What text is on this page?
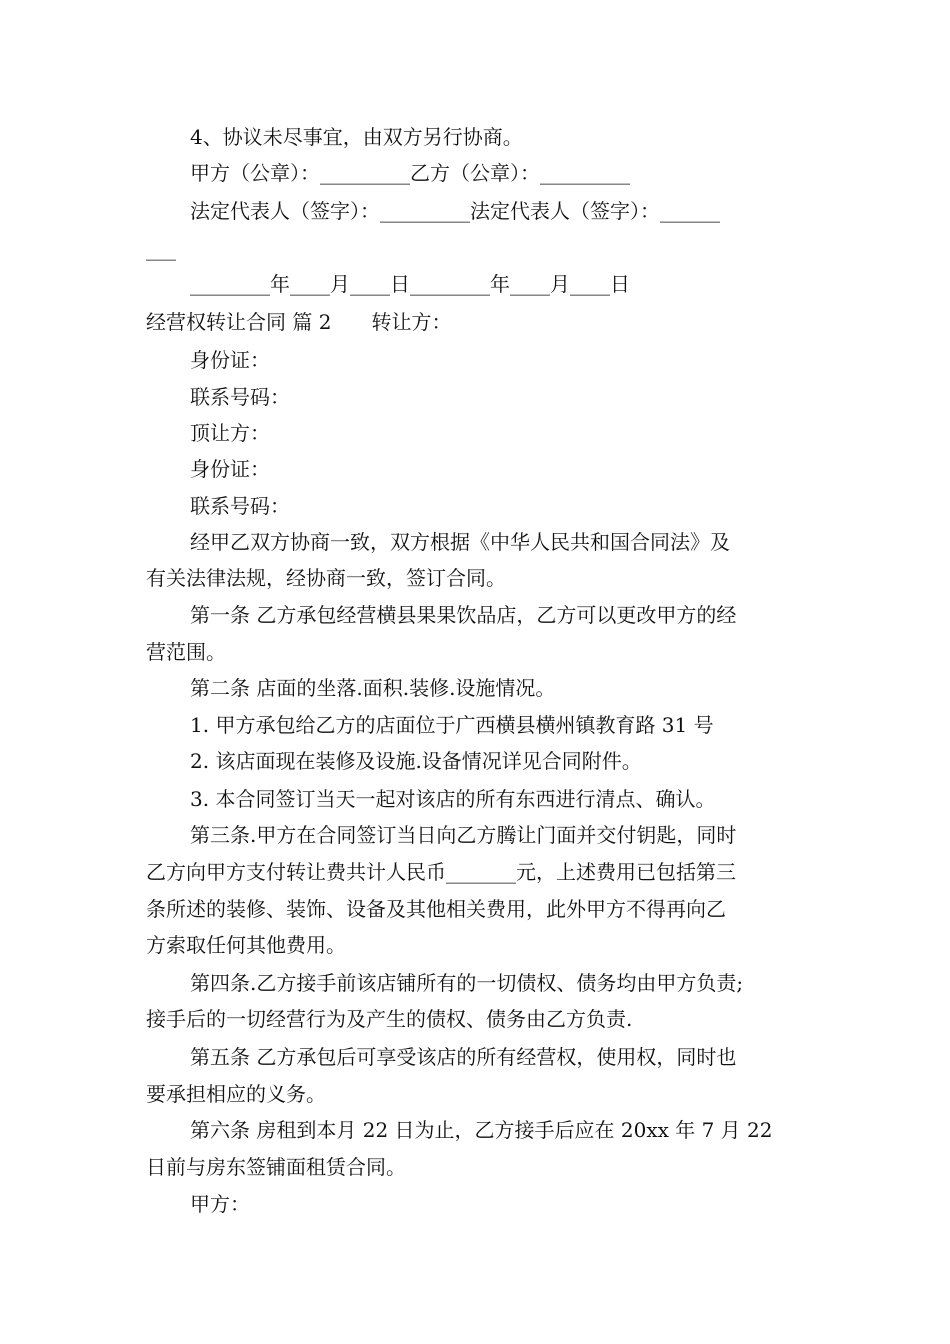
4、协议未尽事宜，由双方另行协商。
甲方（公章）：_________乙方（公章）：_________
法定代表人（签字）：_________法定代表人（签字）：______
___
________年____月____日________年____月____日
经营权转让合同 篇 2 转让方：
身份证：
联系号码：
顶让方：
身份证：
联系号码：
经甲乙双方协商一致，双方根据《中华人民共和国合同法》及
有关法律法规，经协商一致，签订合同。
第一条 乙方承包经营横县果果饮品店，乙方可以更改甲方的经
营范围。
第二条 店面的坐落.面积.装修.设施情况。
1. 甲方承包给乙方的店面位于广西横县横州镇教育路 31 号
2. 该店面现在装修及设施.设备情况详见合同附件。
3. 本合同签订当天一起对该店的所有东西进行清点、确认。
第三条.甲方在合同签订当日向乙方腾让门面并交付钥匙，同时
乙方向甲方支付转让费共计人民币_______元，上述费用已包括第三
条所述的装修、装饰、设备及其他相关费用，此外甲方不得再向乙
方索取任何其他费用。
第四条.乙方接手前该店铺所有的一切债权、债务均由甲方负责;
接手后的一切经营行为及产生的债权、债务由乙方负责.
第五条 乙方承包后可享受该店的所有经营权，使用权，同时也
要承担相应的义务。
第六条 房租到本月 22 日为止，乙方接手后应在 20xx 年 7 月 22
日前与房东签铺面租赁合同。
甲方：
